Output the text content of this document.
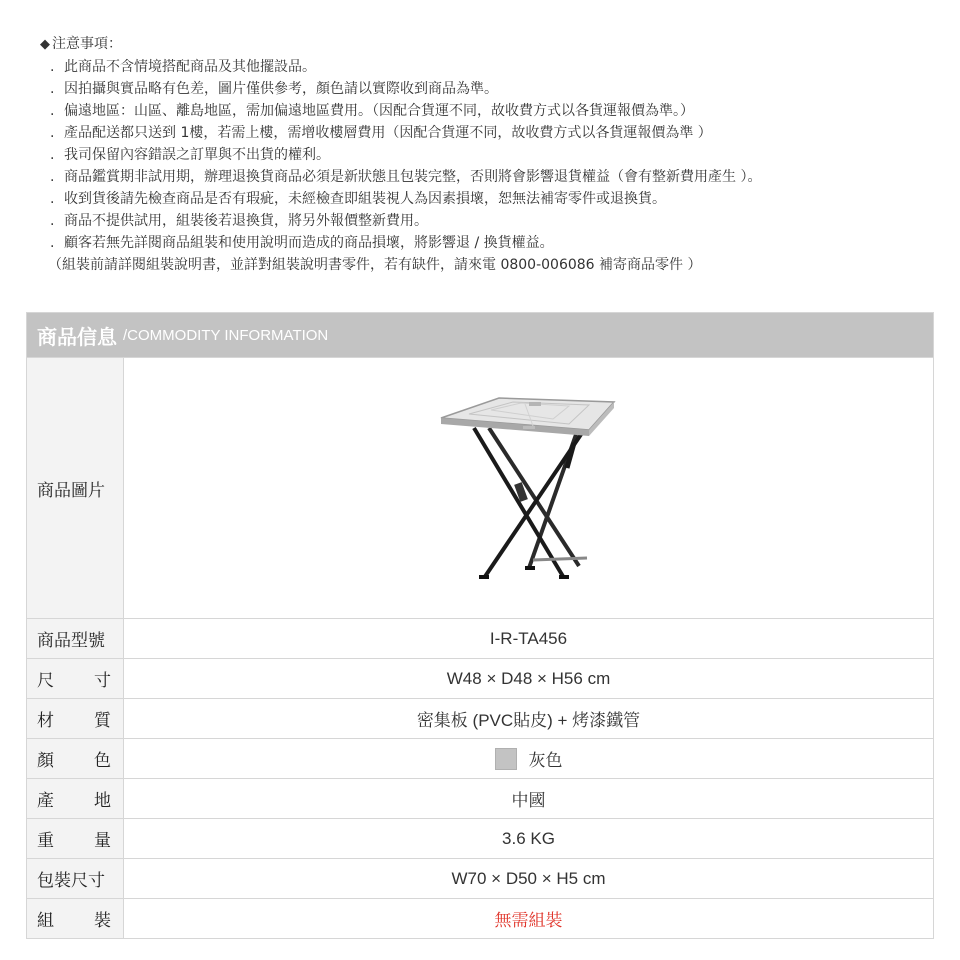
◆ 注意事項：
. 此商品不含情境搭配商品及其他擺設品。
. 因拍攝與實品略有色差，圖片僅供參考，顏色請以實際收到商品為準。
. 偏遠地區：山區、離島地區，需加偏遠地區費用。（因配合貨運不同，故收費方式以各貨運報價為準。）
. 產品配送都只送到 1樓，若需上樓，需增收樓層費用（因配合貨運不同，故收費方式以各貨運報價為準 ）
. 我司保留內容錯誤之訂單與不出貨的權利。
. 商品鑑賞期非試用期，辦理退換貨商品必須是新狀態且包裝完整，否則將會影響退貨權益（會有整新費用產生 ）。
. 收到貨後請先檢查商品是否有瑕疵，未經檢查即組裝視人為因素損壞，恕無法補寄零件或退換貨。
. 商品不提供試用，組裝後若退換貨，將另外報價整新費用。
. 顧客若無先詳閱商品組裝和使用說明而造成的商品損壞，將影響退 / 換貨權益。
（組裝前請詳閱組裝說明書，並詳對組裝說明書零件，若有缺件，請來電 0800-006086 補寄商品零件 ）
商品信息 /COMMODITY INFORMATION
商品圖片
商品型號	I-R-TA456
尺 寸	W48 × D48 × H56 cm
材 質	密集板 (PVC貼皮) + 烤漆鐵管
顏 色	灰色
產 地	中國
重 量	3.6 KG
包裝尺寸	W70 × D50 × H5 cm
組 裝	無需組裝
